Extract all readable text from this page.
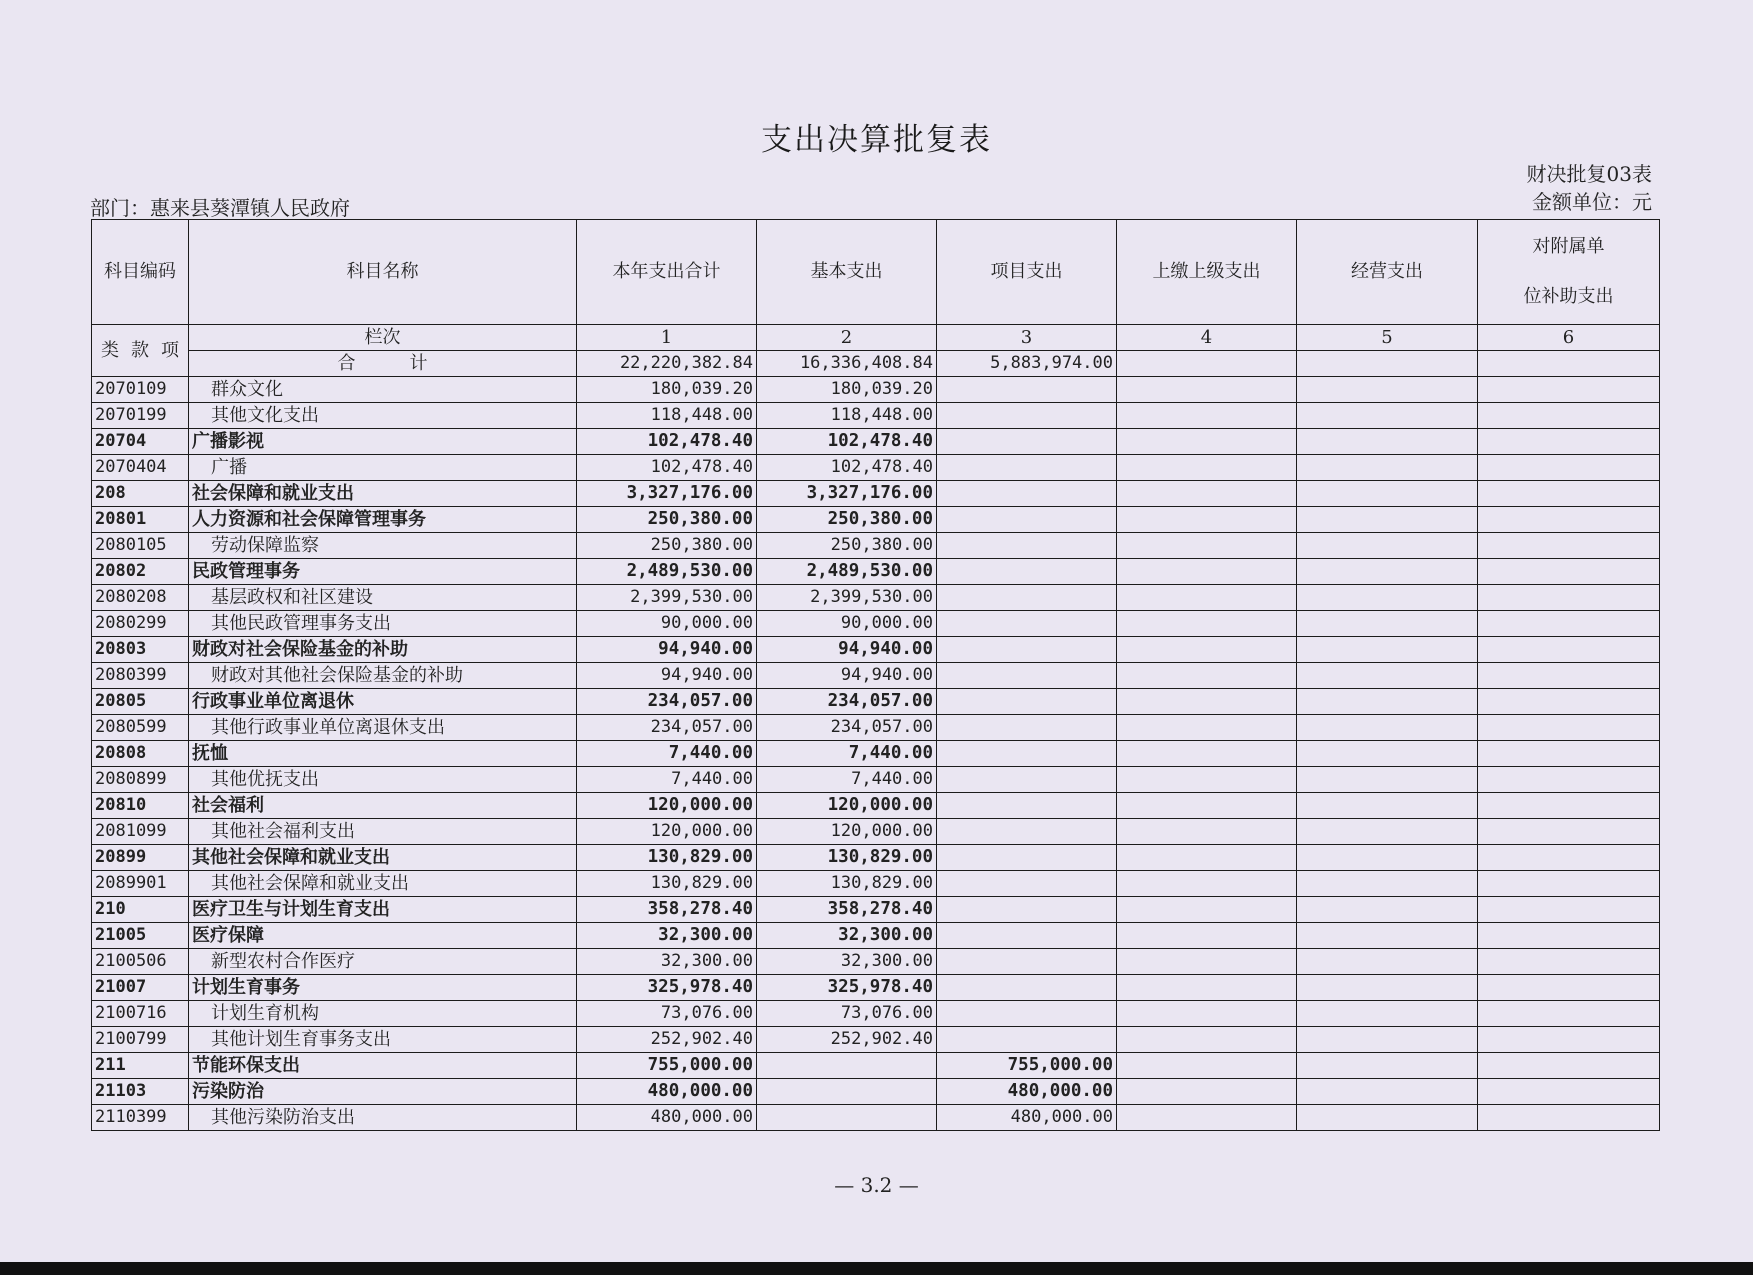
支出决算批复表
部门：惠来县葵潭镇人民政府
财决批复03表
金额单位：元
科目编码	科目名称	本年支出合计	基本支出	项目支出	上缴上级支出	经营支出	对附属单
位补助支出

类 款 项	栏次	1	2	3	4	5	6
	合　　　计	22,220,382.84	16,336,408.84	5,883,974.00			
2070109	群众文化	180,039.20	180,039.20				
2070199	其他文化支出	118,448.00	118,448.00				
20704	广播影视	102,478.40	102,478.40				
2070404	广播	102,478.40	102,478.40				
208	社会保障和就业支出	3,327,176.00	3,327,176.00				
20801	人力资源和社会保障管理事务	250,380.00	250,380.00				
2080105	劳动保障监察	250,380.00	250,380.00				
20802	民政管理事务	2,489,530.00	2,489,530.00				
2080208	基层政权和社区建设	2,399,530.00	2,399,530.00				
2080299	其他民政管理事务支出	90,000.00	90,000.00				
20803	财政对社会保险基金的补助	94,940.00	94,940.00				
2080399	财政对其他社会保险基金的补助	94,940.00	94,940.00				
20805	行政事业单位离退休	234,057.00	234,057.00				
2080599	其他行政事业单位离退休支出	234,057.00	234,057.00				
20808	抚恤	7,440.00	7,440.00				
2080899	其他优抚支出	7,440.00	7,440.00				
20810	社会福利	120,000.00	120,000.00				
2081099	其他社会福利支出	120,000.00	120,000.00				
20899	其他社会保障和就业支出	130,829.00	130,829.00				
2089901	其他社会保障和就业支出	130,829.00	130,829.00				
210	医疗卫生与计划生育支出	358,278.40	358,278.40				
21005	医疗保障	32,300.00	32,300.00				
2100506	新型农村合作医疗	32,300.00	32,300.00				
21007	计划生育事务	325,978.40	325,978.40				
2100716	计划生育机构	73,076.00	73,076.00				
2100799	其他计划生育事务支出	252,902.40	252,902.40				
211	节能环保支出	755,000.00		755,000.00			
21103	污染防治	480,000.00		480,000.00			
2110399	其他污染防治支出	480,000.00		480,000.00			
— 3.2 —
